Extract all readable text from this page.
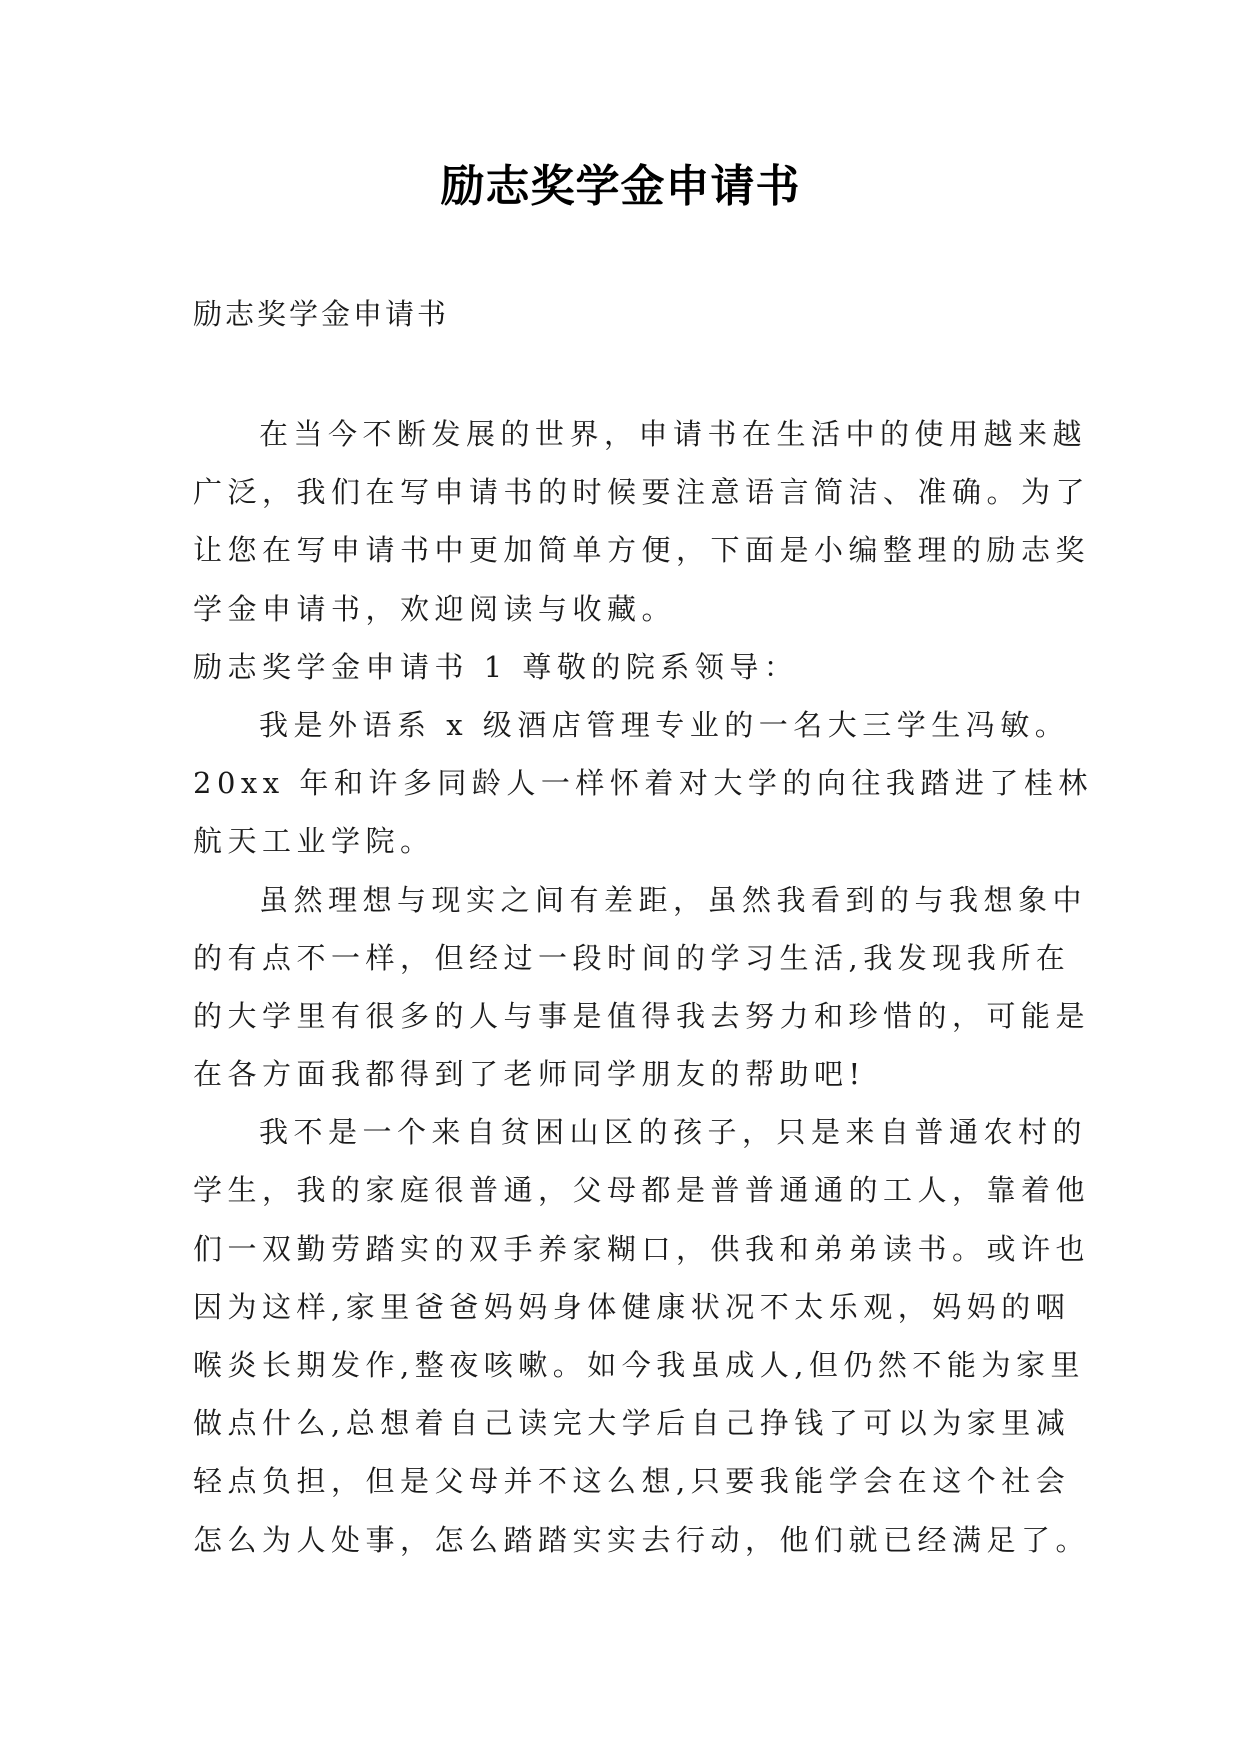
励志奖学金申请书
励志奖学金申请书
在当今不断发展的世界，申请书在生活中的使用越来越
广泛，我们在写申请书的时候要注意语言简洁、准确。为了
让您在写申请书中更加简单方便，下面是小编整理的励志奖
学金申请书，欢迎阅读与收藏。
励志奖学金申请书 1 尊敬的院系领导：
我是外语系 x 级酒店管理专业的一名大三学生冯敏。
20xx 年和许多同龄人一样怀着对大学的向往我踏进了桂林
航天工业学院。
虽然理想与现实之间有差距，虽然我看到的与我想象中
的有点不一样，但经过一段时间的学习生活,我发现我所在
的大学里有很多的人与事是值得我去努力和珍惜的，可能是
在各方面我都得到了老师同学朋友的帮助吧!
我不是一个来自贫困山区的孩子，只是来自普通农村的
学生，我的家庭很普通，父母都是普普通通的工人，靠着他
们一双勤劳踏实的双手养家糊口，供我和弟弟读书。或许也
因为这样,家里爸爸妈妈身体健康状况不太乐观，妈妈的咽
喉炎长期发作,整夜咳嗽。如今我虽成人,但仍然不能为家里
做点什么,总想着自己读完大学后自己挣钱了可以为家里减
轻点负担，但是父母并不这么想,只要我能学会在这个社会
怎么为人处事，怎么踏踏实实去行动，他们就已经满足了。
